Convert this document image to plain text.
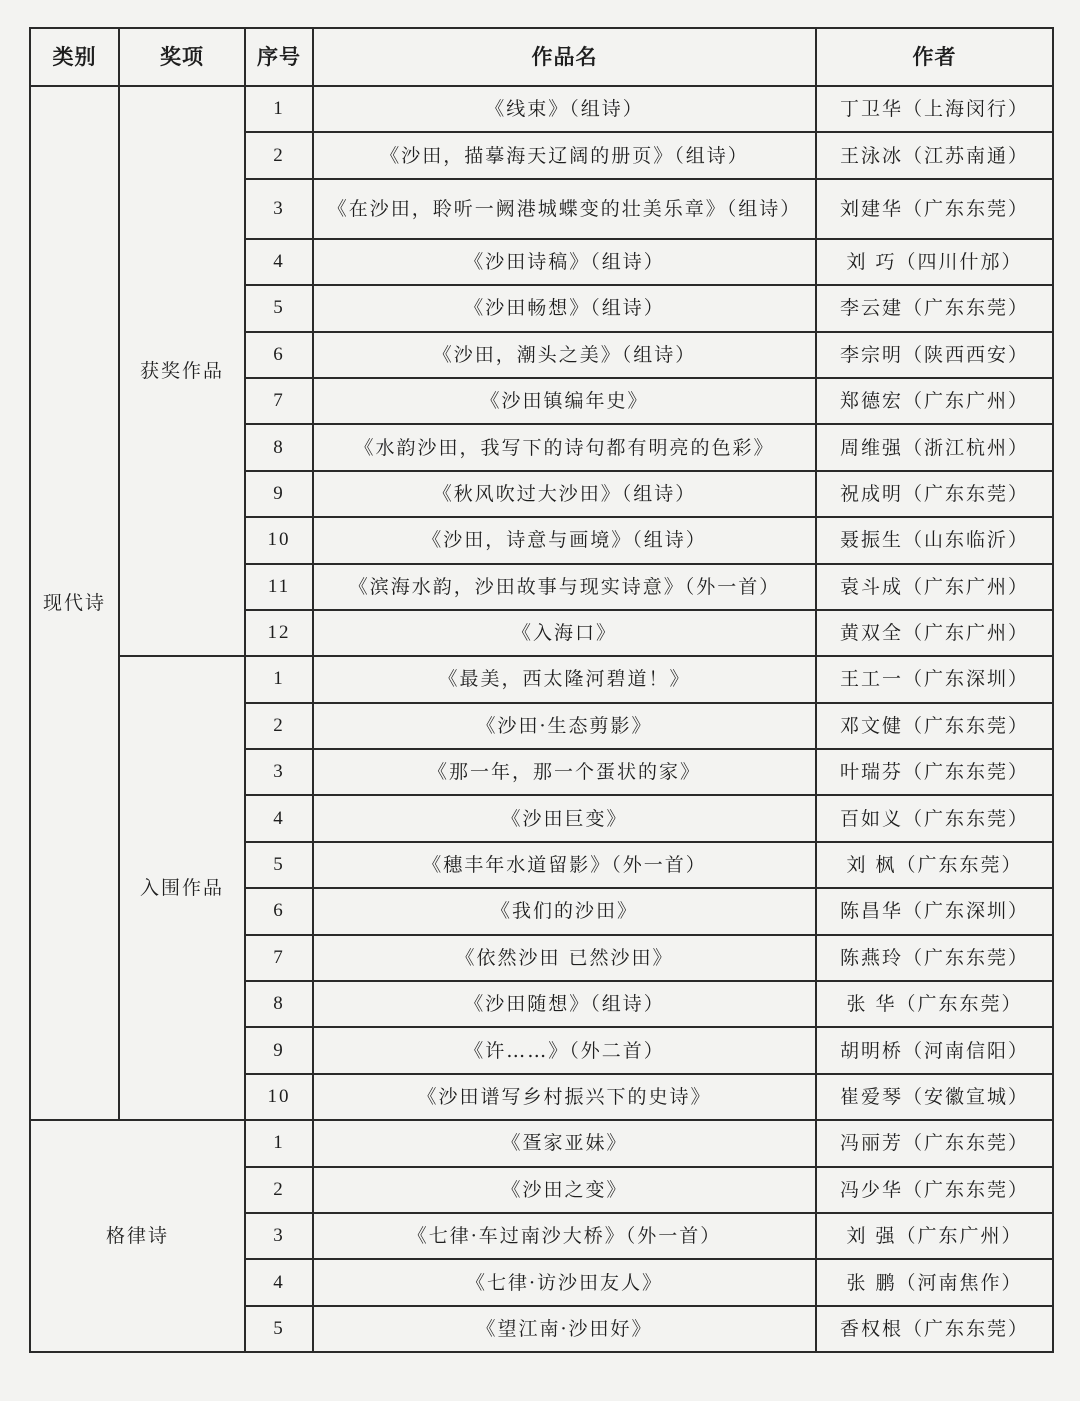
类别	奖项	序号	作品名	作者
现代诗	获奖作品	1	《线束》（组诗）	丁卫华（上海闵行）
		2	《沙田，描摹海天辽阔的册页》（组诗）	王泳冰（江苏南通）
		3	《在沙田，聆听一阙港城蝶变的壮美乐章》（组诗）	刘建华（广东东莞）
		4	《沙田诗稿》（组诗）	刘 巧（四川什邡）
		5	《沙田畅想》（组诗）	李云建（广东东莞）
		6	《沙田，潮头之美》（组诗）	李宗明（陕西西安）
		7	《沙田镇编年史》	郑德宏（广东广州）
		8	《水韵沙田，我写下的诗句都有明亮的色彩》	周维强（浙江杭州）
		9	《秋风吹过大沙田》（组诗）	祝成明（广东东莞）
		10	《沙田，诗意与画境》（组诗）	聂振生（山东临沂）
		11	《滨海水韵，沙田故事与现实诗意》（外一首）	袁斗成（广东广州）
		12	《入海口》	黄双全（广东广州）
	入围作品	1	《最美，西太隆河碧道！》	王工一（广东深圳）
		2	《沙田·生态剪影》	邓文健（广东东莞）
		3	《那一年，那一个蛋状的家》	叶瑞芬（广东东莞）
		4	《沙田巨变》	百如义（广东东莞）
		5	《穗丰年水道留影》（外一首）	刘 枫（广东东莞）
		6	《我们的沙田》	陈昌华（广东深圳）
		7	《依然沙田 已然沙田》	陈燕玲（广东东莞）
		8	《沙田随想》（组诗）	张 华（广东东莞）
		9	《许……》（外二首）	胡明桥（河南信阳）
		10	《沙田谱写乡村振兴下的史诗》	崔爱琴（安徽宣城）
格律诗		1	《疍家亚妹》	冯丽芳（广东东莞）
		2	《沙田之变》	冯少华（广东东莞）
		3	《七律·车过南沙大桥》（外一首）	刘 强（广东广州）
		4	《七律·访沙田友人》	张 鹏（河南焦作）
		5	《望江南·沙田好》	香权根（广东东莞）
